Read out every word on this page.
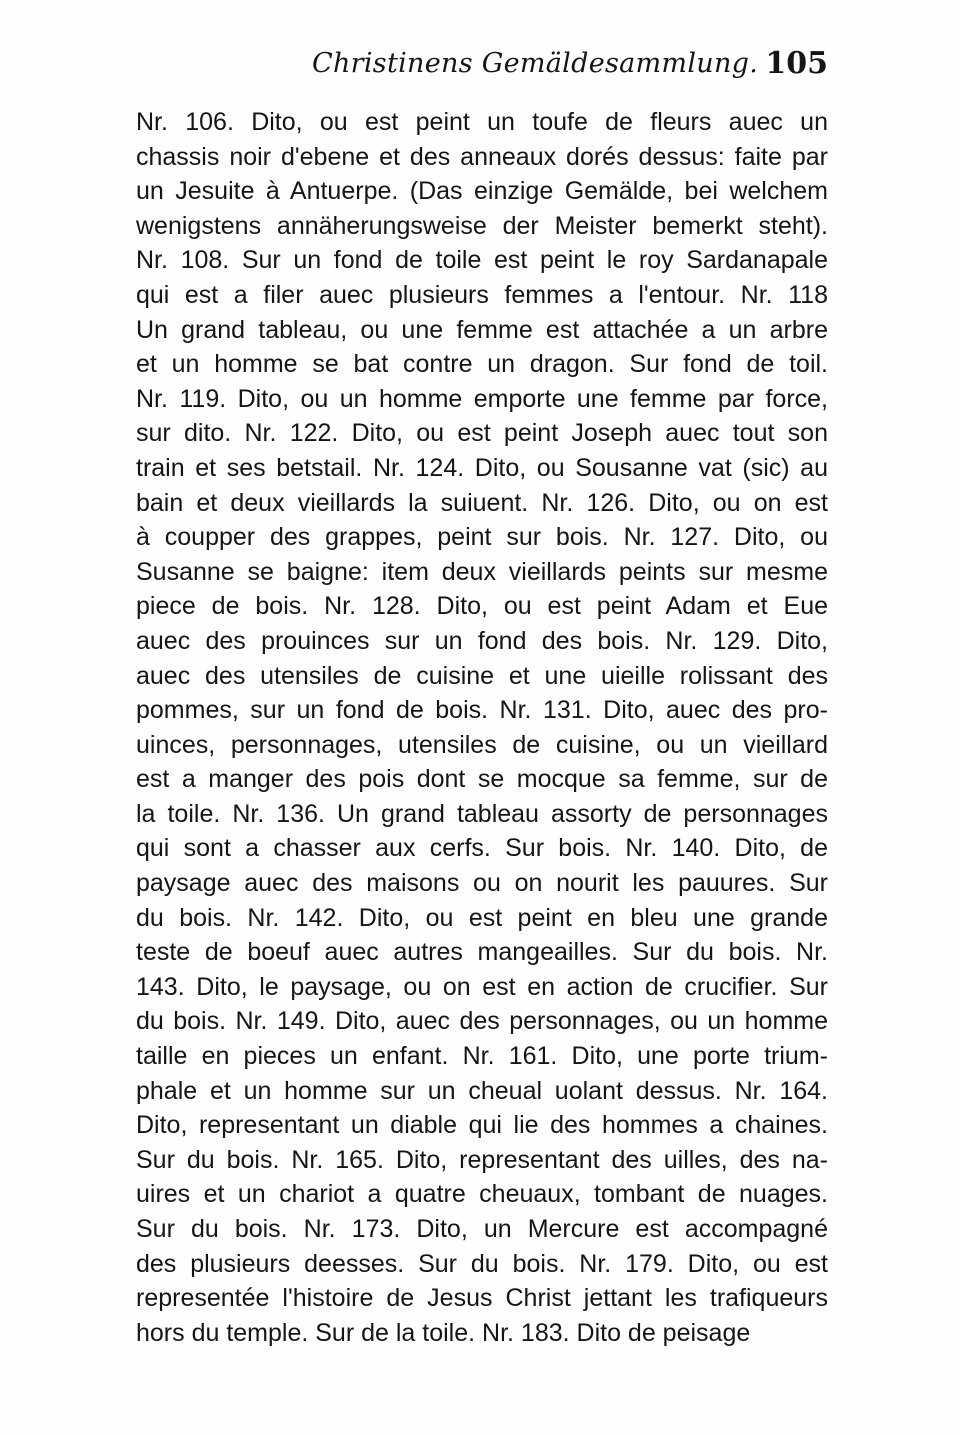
Christinens Gemäldesammlung. 105
Nr. 106. Dito, ou est peint un toufe de fleurs auec un
chassis noir d'ebene et des anneaux dorés dessus: faite par
un Jesuite à Antuerpe. (Das einzige Gemälde, bei welchem
wenigstens annäherungsweise der Meister bemerkt steht).
Nr. 108. Sur un fond de toile est peint le roy Sardanapale
qui est a filer auec plusieurs femmes a l'entour. Nr. 118
Un grand tableau, ou une femme est attachée a un arbre
et un homme se bat contre un dragon. Sur fond de toil.
Nr. 119. Dito, ou un homme emporte une femme par force,
sur dito. Nr. 122. Dito, ou est peint Joseph auec tout son
train et ses betstail. Nr. 124. Dito, ou Sousanne vat (sic) au
bain et deux vieillards la suiuent. Nr. 126. Dito, ou on est
à coupper des grappes, peint sur bois. Nr. 127. Dito, ou
Susanne se baigne: item deux vieillards peints sur mesme
piece de bois. Nr. 128. Dito, ou est peint Adam et Eue
auec des prouinces sur un fond des bois. Nr. 129. Dito,
auec des utensiles de cuisine et une uieille rolissant des
pommes, sur un fond de bois. Nr. 131. Dito, auec des pro-
uinces, personnages, utensiles de cuisine, ou un vieillard
est a manger des pois dont se mocque sa femme, sur de
la toile. Nr. 136. Un grand tableau assorty de personnages
qui sont a chasser aux cerfs. Sur bois. Nr. 140. Dito, de
paysage auec des maisons ou on nourit les pauures. Sur
du bois. Nr. 142. Dito, ou est peint en bleu une grande
teste de boeuf auec autres mangeailles. Sur du bois. Nr.
143. Dito, le paysage, ou on est en action de crucifier. Sur
du bois. Nr. 149. Dito, auec des personnages, ou un homme
taille en pieces un enfant. Nr. 161. Dito, une porte trium-
phale et un homme sur un cheual uolant dessus. Nr. 164.
Dito, representant un diable qui lie des hommes a chaines.
Sur du bois. Nr. 165. Dito, representant des uilles, des na-
uires et un chariot a quatre cheuaux, tombant de nuages.
Sur du bois. Nr. 173. Dito, un Mercure est accompagné
des plusieurs deesses. Sur du bois. Nr. 179. Dito, ou est
representée l'histoire de Jesus Christ jettant les trafiqueurs
hors du temple. Sur de la toile. Nr. 183. Dito de peisage
